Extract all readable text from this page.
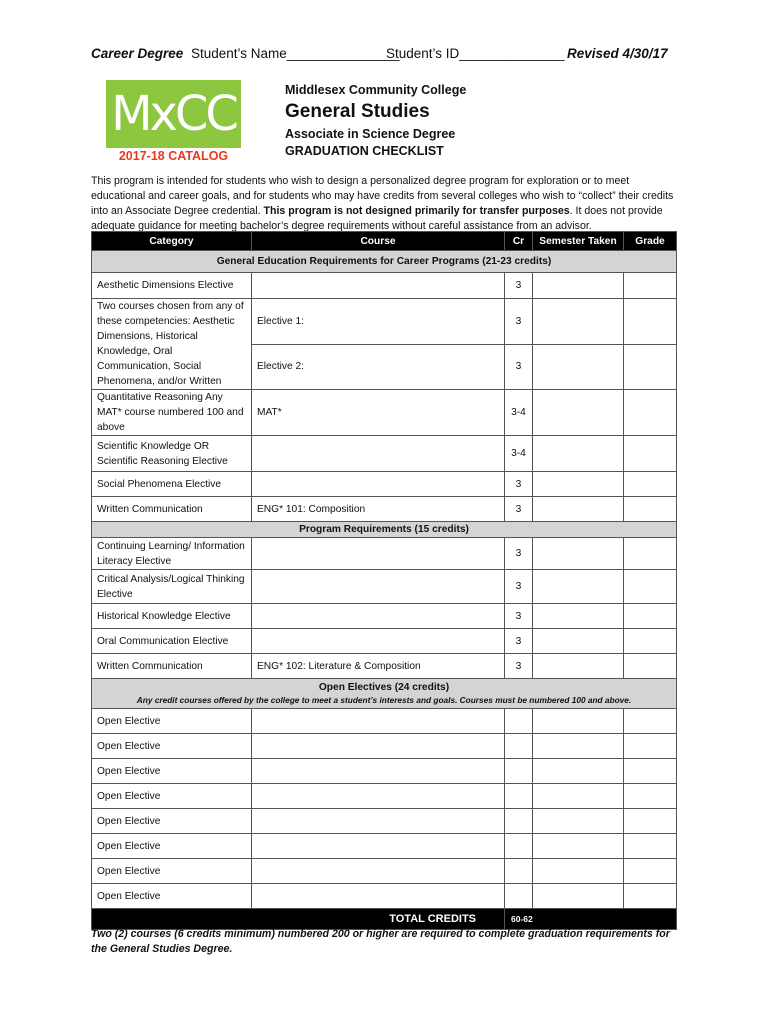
Career Degree Student’s Name_______________
Student’s ID______________ Revised 4/30/17
MxCC
2017-18 CATALOG
Middlesex Community College
General Studies
Associate in Science Degree
GRADUATION CHECKLIST
This program is intended for students who wish to design a personalized degree program for exploration or to meet educational and career goals, and for students who may have credits from several colleges who wish to “collect” their credits into an Associate Degree credential. This program is not designed primarily for transfer purposes. It does not provide adequate guidance for meeting bachelor’s degree requirements without careful assistance from an advisor.
Category	Course	Cr	Semester Taken	Grade
General Education Requirements for Career Programs (21-23 credits)				
Aesthetic Dimensions Elective		3		
Two courses chosen from any of these competencies: Aesthetic Dimensions, Historical Knowledge, Oral Communication, Social Phenomena, and/or Written	Elective 1:	3		
	Elective 2:	3		
Quantitative Reasoning Any MAT* course numbered 100 and above	MAT*	3-4		
Scientific Knowledge OR Scientific Reasoning Elective		3-4		
Social Phenomena Elective		3		
Written Communication	ENG* 101: Composition	3		
Program Requirements (15 credits)				
Continuing Learning/ Information Literacy Elective		3		
Critical Analysis/Logical Thinking Elective		3		
Historical Knowledge Elective		3		
Oral Communication Elective		3		
Written Communication	ENG* 102: Literature & Composition	3		

Open Electives (24 credits)
Any credit courses offered by the college to meet a student’s interests and goals. Courses must be numbered 100 and above.				

Open Elective				
Open Elective				
Open Elective				
Open Elective				
Open Elective				
Open Elective				
Open Elective				
Open Elective				
TOTAL CREDITS		60-62		
Two (2) courses (6 credits minimum) numbered 200 or higher are required to complete graduation requirements for the General Studies Degree.
